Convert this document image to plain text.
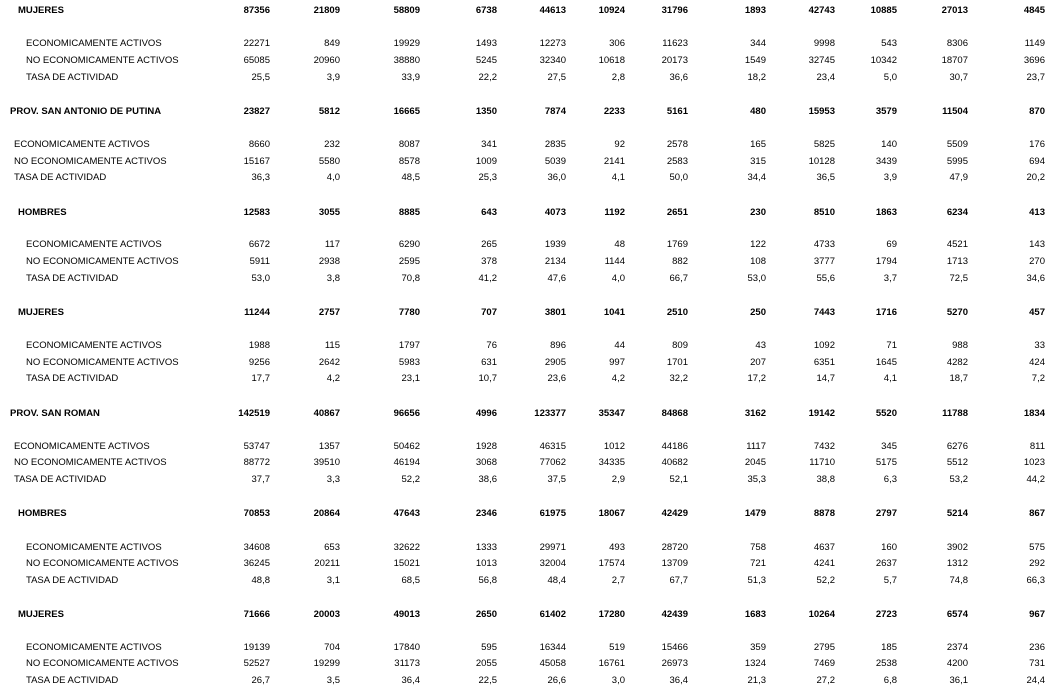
MUJERES	87356	21809	58809	6738	44613	10924	31796	1893	42743	10885	27013	4845
ECONOMICAMENTE ACTIVOS	22271	849	19929	1493	12273	306	11623	344	9998	543	8306	1149
NO ECONOMICAMENTE ACTIVOS	65085	20960	38880	5245	32340	10618	20173	1549	32745	10342	18707	3696
TASA DE ACTIVIDAD	25,5	3,9	33,9	22,2	27,5	2,8	36,6	18,2	23,4	5,0	30,7	23,7
PROV. SAN ANTONIO DE PUTINA	23827	5812	16665	1350	7874	2233	5161	480	15953	3579	11504	870
ECONOMICAMENTE ACTIVOS	8660	232	8087	341	2835	92	2578	165	5825	140	5509	176
NO ECONOMICAMENTE ACTIVOS	15167	5580	8578	1009	5039	2141	2583	315	10128	3439	5995	694
TASA DE ACTIVIDAD	36,3	4,0	48,5	25,3	36,0	4,1	50,0	34,4	36,5	3,9	47,9	20,2
HOMBRES	12583	3055	8885	643	4073	1192	2651	230	8510	1863	6234	413
ECONOMICAMENTE ACTIVOS	6672	117	6290	265	1939	48	1769	122	4733	69	4521	143
NO ECONOMICAMENTE ACTIVOS	5911	2938	2595	378	2134	1144	882	108	3777	1794	1713	270
TASA DE ACTIVIDAD	53,0	3,8	70,8	41,2	47,6	4,0	66,7	53,0	55,6	3,7	72,5	34,6
MUJERES	11244	2757	7780	707	3801	1041	2510	250	7443	1716	5270	457
ECONOMICAMENTE ACTIVOS	1988	115	1797	76	896	44	809	43	1092	71	988	33
NO ECONOMICAMENTE ACTIVOS	9256	2642	5983	631	2905	997	1701	207	6351	1645	4282	424
TASA DE ACTIVIDAD	17,7	4,2	23,1	10,7	23,6	4,2	32,2	17,2	14,7	4,1	18,7	7,2
PROV. SAN ROMAN	142519	40867	96656	4996	123377	35347	84868	3162	19142	5520	11788	1834
ECONOMICAMENTE ACTIVOS	53747	1357	50462	1928	46315	1012	44186	1117	7432	345	6276	811
NO ECONOMICAMENTE ACTIVOS	88772	39510	46194	3068	77062	34335	40682	2045	11710	5175	5512	1023
TASA DE ACTIVIDAD	37,7	3,3	52,2	38,6	37,5	2,9	52,1	35,3	38,8	6,3	53,2	44,2
HOMBRES	70853	20864	47643	2346	61975	18067	42429	1479	8878	2797	5214	867
ECONOMICAMENTE ACTIVOS	34608	653	32622	1333	29971	493	28720	758	4637	160	3902	575
NO ECONOMICAMENTE ACTIVOS	36245	20211	15021	1013	32004	17574	13709	721	4241	2637	1312	292
TASA DE ACTIVIDAD	48,8	3,1	68,5	56,8	48,4	2,7	67,7	51,3	52,2	5,7	74,8	66,3
MUJERES	71666	20003	49013	2650	61402	17280	42439	1683	10264	2723	6574	967
ECONOMICAMENTE ACTIVOS	19139	704	17840	595	16344	519	15466	359	2795	185	2374	236
NO ECONOMICAMENTE ACTIVOS	52527	19299	31173	2055	45058	16761	26973	1324	7469	2538	4200	731
TASA DE ACTIVIDAD	26,7	3,5	36,4	22,5	26,6	3,0	36,4	21,3	27,2	6,8	36,1	24,4
